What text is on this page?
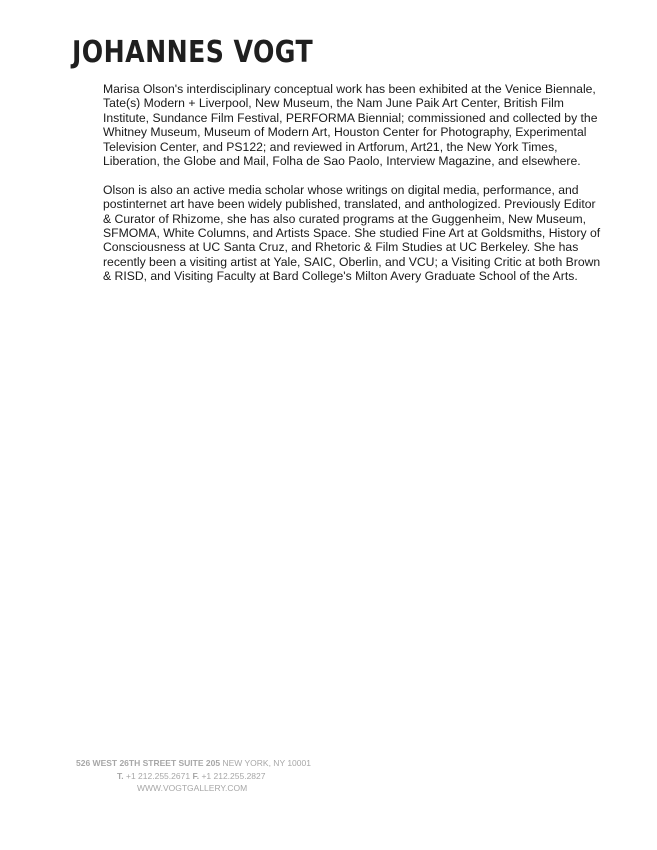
JOHANNES VOGT

Marisa Olson's interdisciplinary conceptual work has been exhibited at the Venice Biennale, Tate(s) Modern + Liverpool, New Museum, the Nam June Paik Art Center, British Film Institute, Sundance Film Festival, PERFORMA Biennial; commissioned and collected by the Whitney Museum, Museum of Modern Art, Houston Center for Photography, Experimental Television Center, and PS122; and reviewed in Artforum, Art21, the New York Times, Liberation, the Globe and Mail, Folha de Sao Paolo, Interview Magazine, and elsewhere.

Olson is also an active media scholar whose writings on digital media, performance, and postinternet art have been widely published, translated, and anthologized. Previously Editor & Curator of Rhizome, she has also curated programs at the Guggenheim, New Museum, SFMOMA, White Columns, and Artists Space. She studied Fine Art at Goldsmiths, History of Consciousness at UC Santa Cruz, and Rhetoric & Film Studies at UC Berkeley. She has recently been a visiting artist at Yale, SAIC, Oberlin, and VCU; a Visiting Critic at both Brown & RISD, and Visiting Faculty at Bard College's Milton Avery Graduate School of the Arts.

526 WEST 26TH STREET SUITE 205 NEW YORK, NY 10001
T. +1 212.255.2671 F. +1 212.255.2827
WWW.VOGTGALLERY.COM
